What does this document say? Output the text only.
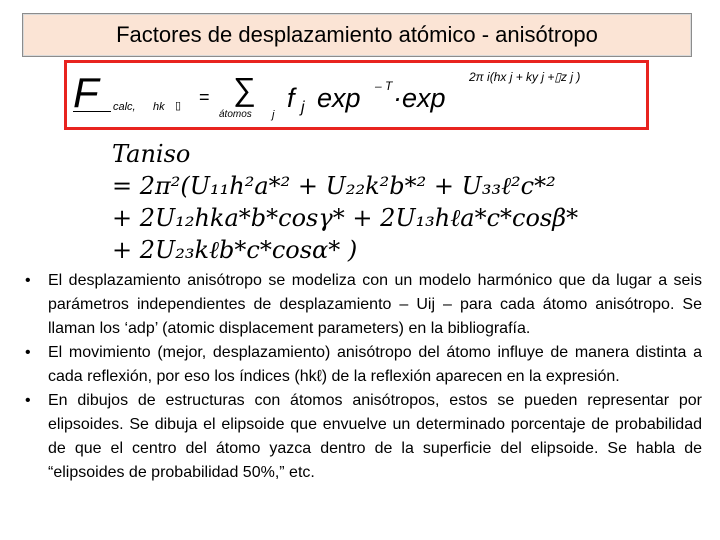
Factores de desplazamiento atómico - anisótropo
F calc, hk ▯ = ∑
átomos j
f j exp – T ·exp
2π i(hx j + ky j +▯z j )
Taniso
= 2π²(U₁₁h²a*² + U₂₂k²b*² + U₃₃ℓ²c*²
+ 2U₁₂hka*b*cosγ* + 2U₁₃hℓa*c*cosβ*
+ 2U₂₃kℓb*c*cosα* )
• El desplazamiento anisótropo se modeliza con un modelo harmónico que da lugar a seis parámetros independientes de desplazamiento – Uij – para cada átomo anisótropo. Se llaman los ‘adp’ (atomic displacement parameters) en la bibliografía.
• El movimiento (mejor, desplazamiento) anisótropo del átomo influye de manera distinta a cada reflexión, por eso los índices (hkℓ) de la reflexión aparecen en la expresión.
• En dibujos de estructuras con átomos anisótropos, estos se pueden representar por elipsoides. Se dibuja el elipsoide que envuelve un determinado porcentaje de probabilidad de que el centro del átomo yazca dentro de la superficie del elipsoide. Se habla de “elipsoides de probabilidad 50%,” etc.
